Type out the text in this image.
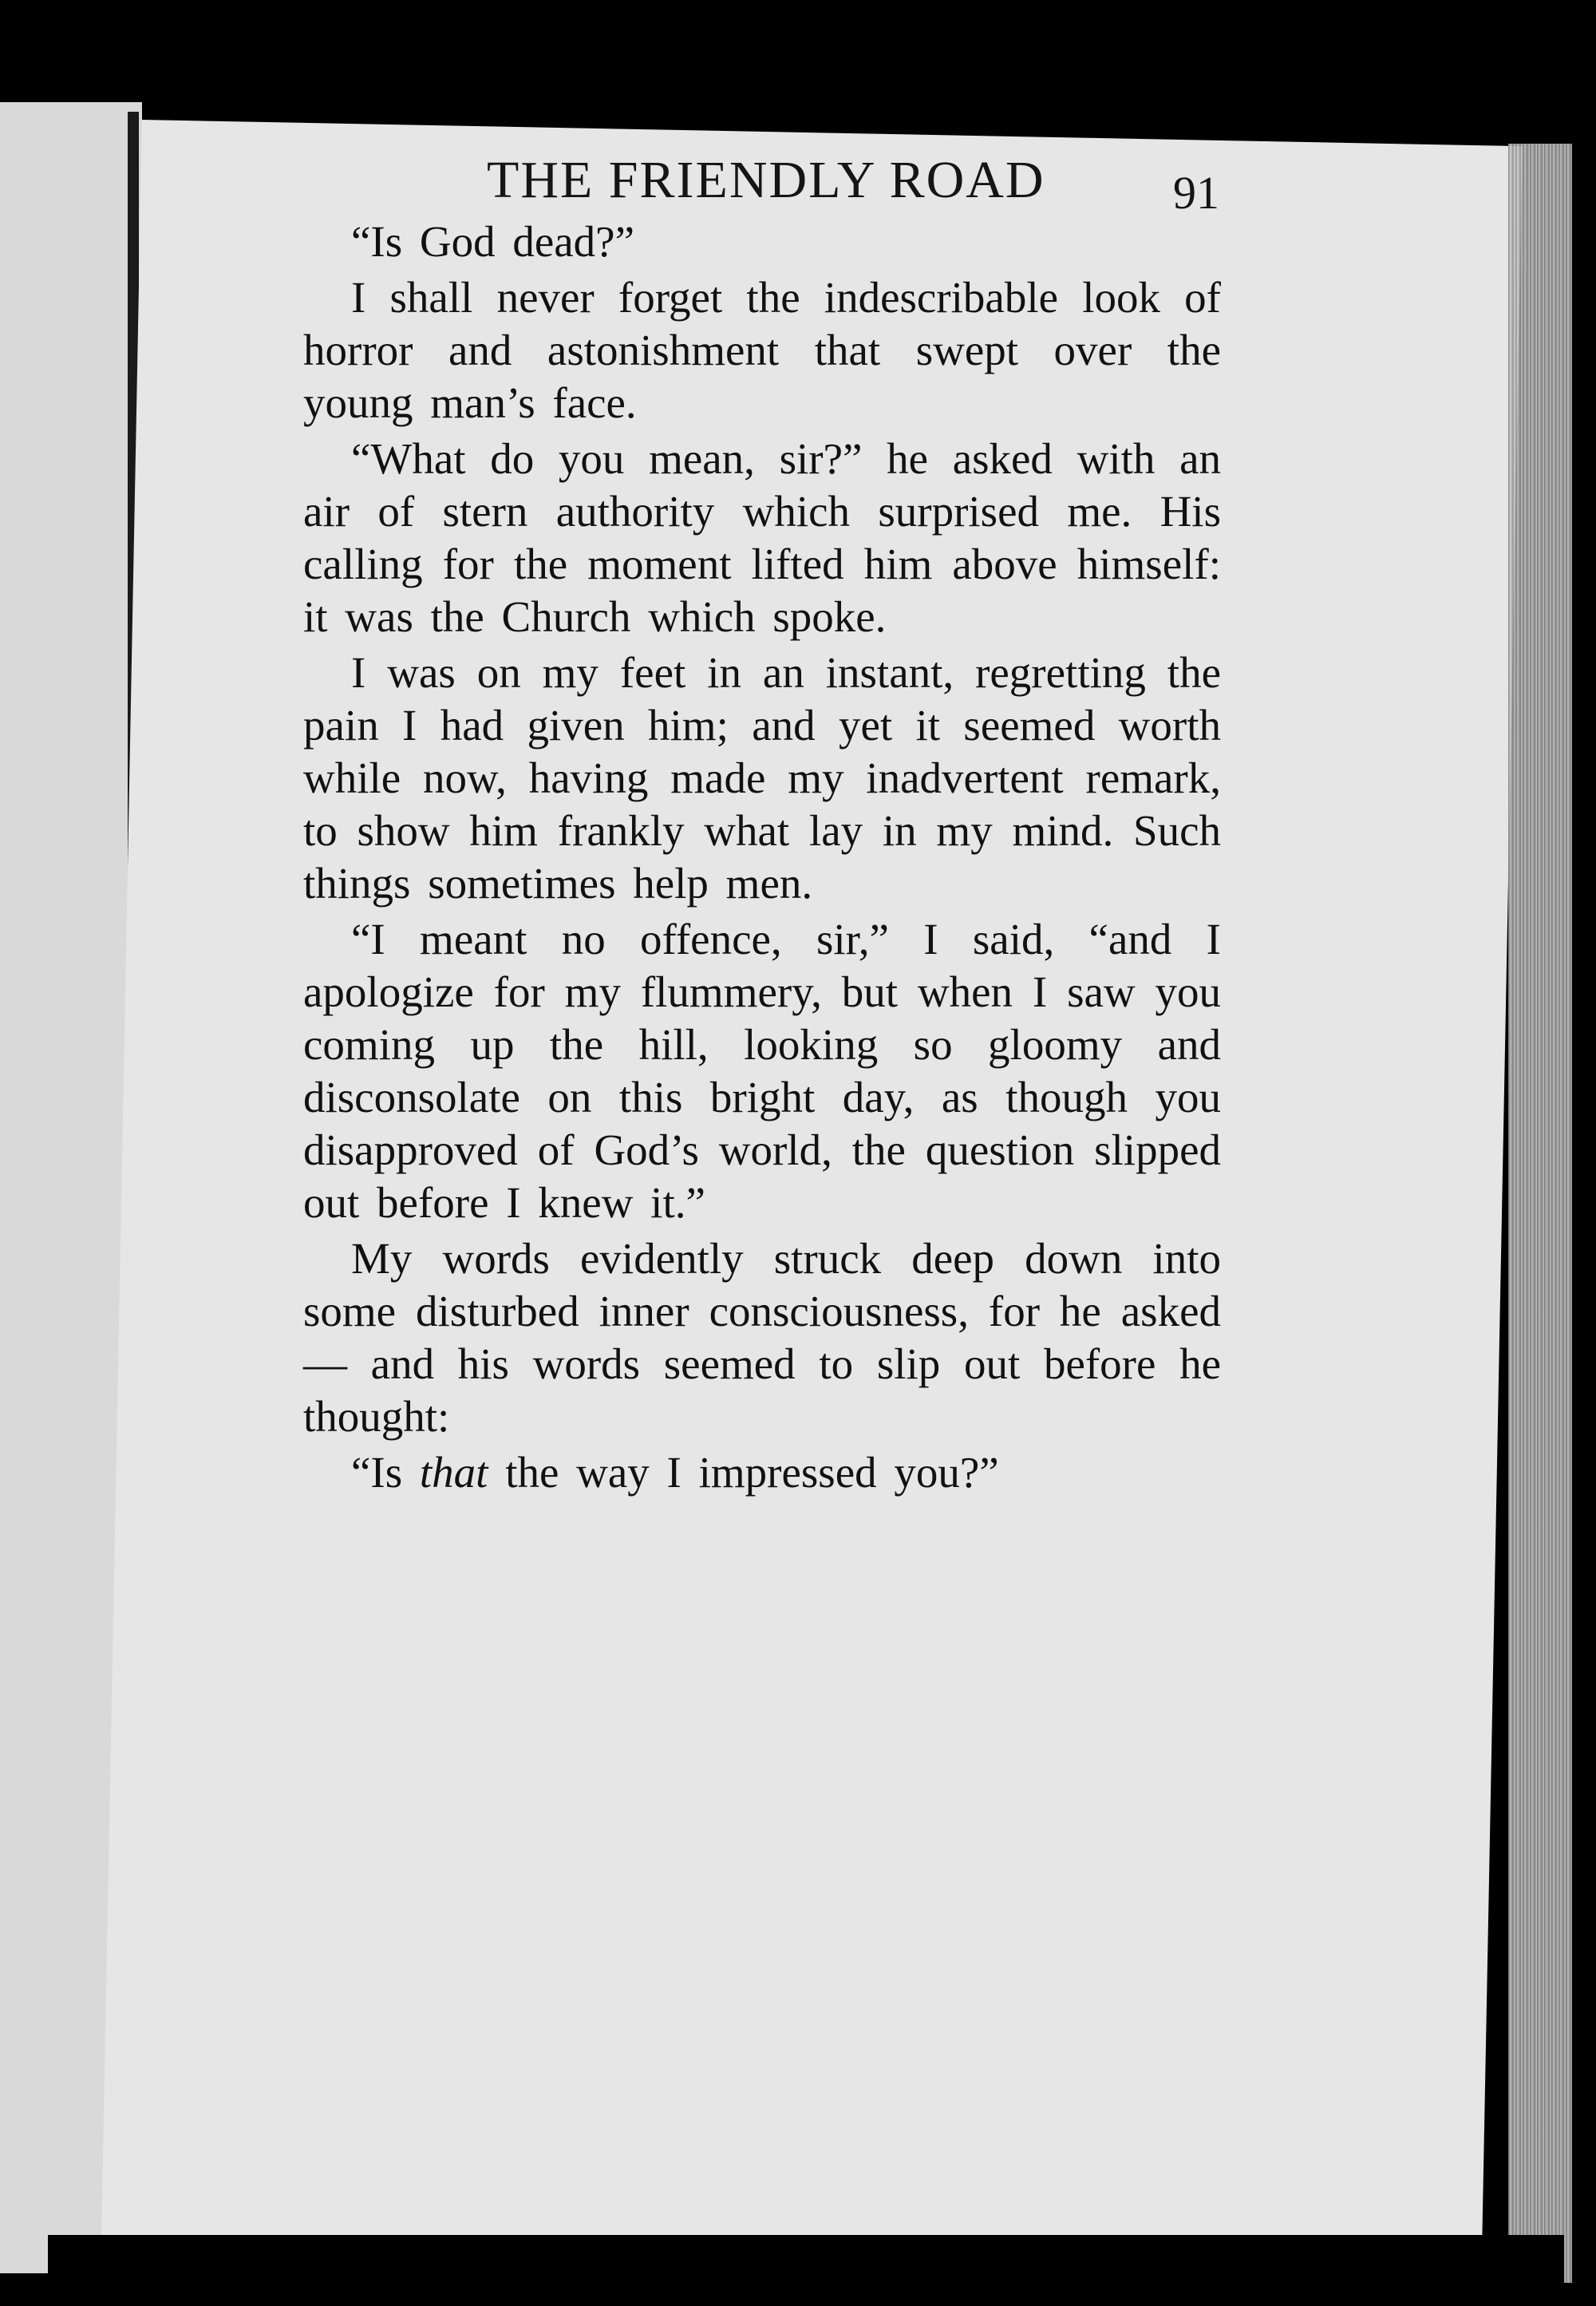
THE FRIENDLY ROAD	91

“Is God dead?”

I shall never forget the indescribable look of horror and astonishment that swept over the young man’s face.

“What do you mean, sir?” he asked with an air of stern authority which surprised me. His calling for the moment lifted him above himself: it was the Church which spoke.

I was on my feet in an instant, regretting the pain I had given him; and yet it seemed worth while now, having made my inadvertent remark, to show him frankly what lay in my mind. Such things sometimes help men.

“I meant no offence, sir,” I said, “and I apologize for my flummery, but when I saw you coming up the hill, looking so gloomy and disconsolate on this bright day, as though you disapproved of God’s world, the question slipped out before I knew it.”

My words evidently struck deep down into some disturbed inner consciousness, for he asked — and his words seemed to slip out before he thought:

“Is that the way I impressed you?”
